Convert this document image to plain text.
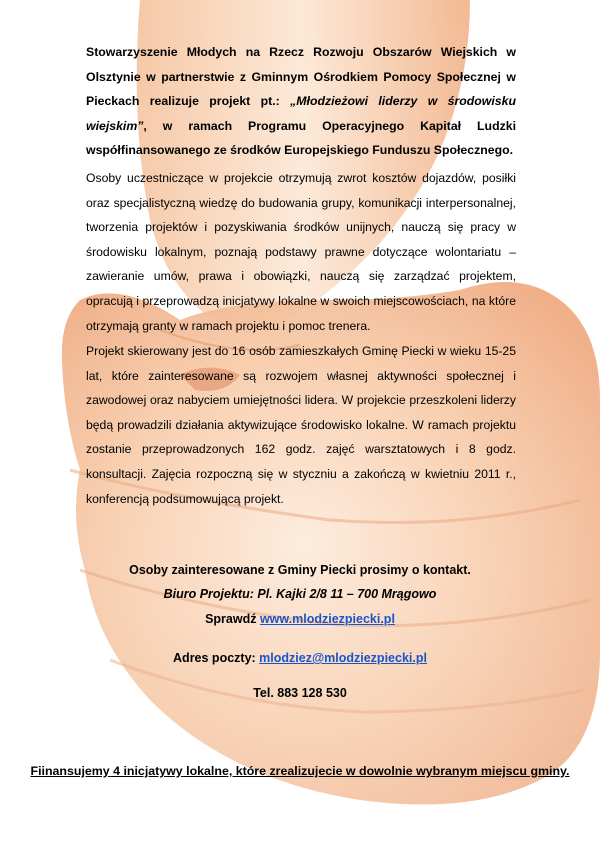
Stowarzyszenie Młodych na Rzecz Rozwoju Obszarów Wiejskich w Olsztynie w partnerstwie z Gminnym Ośrodkiem Pomocy Społecznej w Pieckach realizuje projekt pt.: „Młodzieżowi liderzy w środowisku wiejskim”, w ramach Programu Operacyjnego Kapitał Ludzki współfinansowanego ze środków Europejskiego Funduszu Społecznego.

Osoby uczestniczące w projekcie otrzymują zwrot kosztów dojazdów, posiłki oraz specjalistyczną wiedzę do budowania grupy, komunikacji interpersonalnej, tworzenia projektów i pozyskiwania środków unijnych, nauczą się pracy w środowisku lokalnym, poznają podstawy prawne dotyczące wolontariatu – zawieranie umów, prawa i obowiązki, nauczą się zarządzać projektem, opracują i przeprowadzą inicjatywy lokalne w swoich miejscowościach, na które otrzymają granty w ramach projektu i pomoc trenera.

Projekt skierowany jest do 16 osób zamieszkałych Gminę Piecki w wieku 15-25 lat, które zainteresowane są rozwojem własnej aktywności społecznej i zawodowej oraz nabyciem umiejętności lidera. W projekcie przeszkoleni liderzy będą prowadzili działania aktywizujące środowisko lokalne. W ramach projektu zostanie przeprowadzonych 162 godz. zajęć warsztatowych i 8 godz. konsultacji. Zajęcia rozpoczną się w styczniu a zakończą w kwietniu 2011 r., konferencją podsumowującą projekt.

Osoby zainteresowane z Gminy Piecki prosimy o kontakt.

Biuro Projektu: Pl. Kajki 2/8 11 – 700 Mrągowo

Sprawdź www.mlodziezpiecki.pl

Adres poczty: mlodziez@mlodziezpiecki.pl

Tel. 883 128 530

Fiinansujemy 4 inicjatywy lokalne, które zrealizujecie w dowolnie wybranym miejscu gminy.
